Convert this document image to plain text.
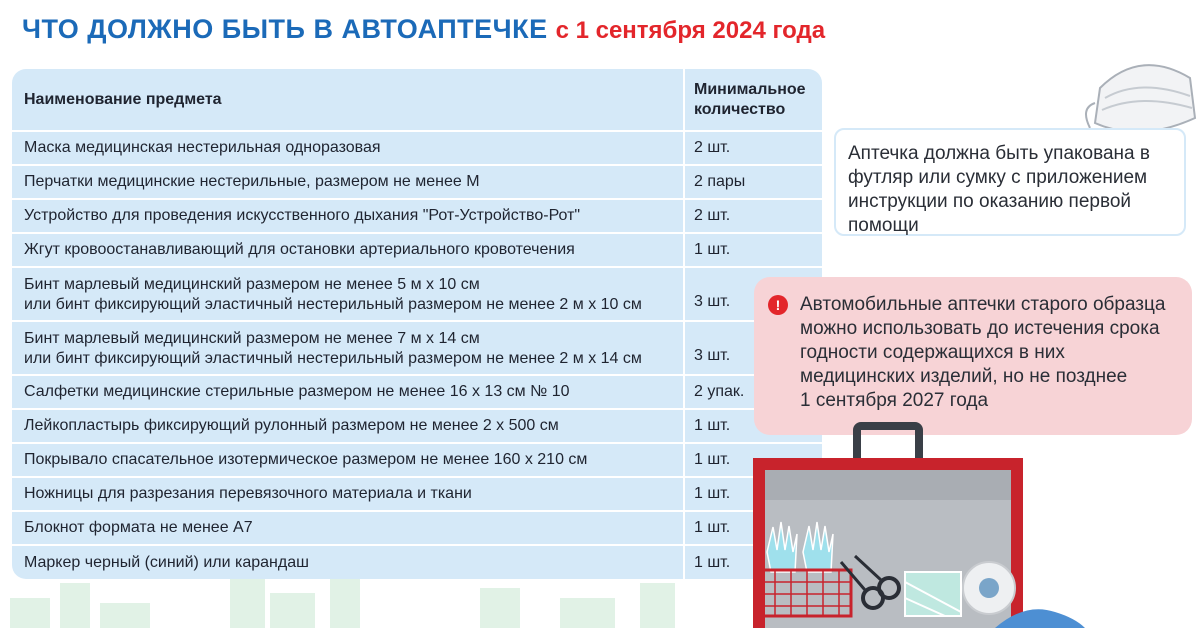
ЧТО ДОЛЖНО БЫТЬ В АВТОАПТЕЧКЕ с 1 сентября 2024 года
Наименование предмета	Минимальное
количество
Маска медицинская нестерильная одноразовая	2 шт.
Перчатки медицинские нестерильные, размером не менее М	2 пары
Устройство для проведения искусственного дыхания "Рот-Устройство-Рот"	2 шт.
Жгут кровоостанавливающий для остановки артериального кровотечения	1 шт.
Бинт марлевый медицинский размером не менее 5 м х 10 см
или бинт фиксирующий эластичный нестерильный размером не менее 2 м х 10 см	3 шт.
Бинт марлевый медицинский размером не менее 7 м х 14 см
или бинт фиксирующий эластичный нестерильный размером не менее 2 м х 14 см	3 шт.
Салфетки медицинские стерильные размером не менее 16 х 13 см № 10	2 упак.
Лейкопластырь фиксирующий рулонный размером не менее 2 х 500 см	1 шт.
Покрывало спасательное изотермическое размером не менее 160 х 210 см	1 шт.
Ножницы для разрезания перевязочного материала и ткани	1 шт.
Блокнот формата не менее А7	1 шт.
Маркер черный (синий) или карандаш	1 шт.
Аптечка должна быть упакована в футляр или сумку с приложением инструкции по оказанию первой помощи
!	Автомобильные аптечки старого образца
можно использовать до истечения срока
годности содержащихся в них
медицинских изделий, но не позднее
1 сентября 2027 года
